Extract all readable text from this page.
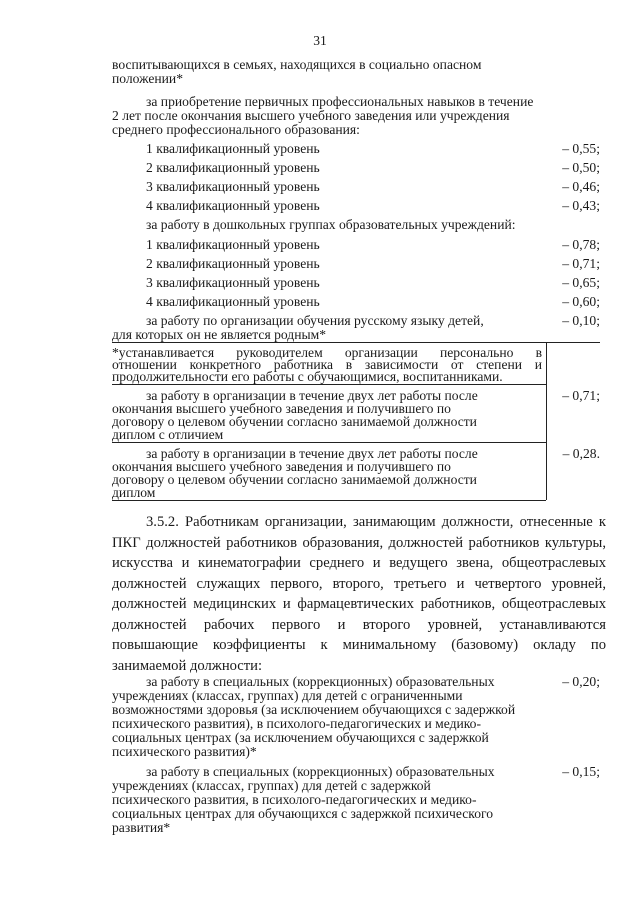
31
воспитывающихся в семьях, находящихся в социально опасном
положении*
за приобретение первичных профессиональных навыков в течение
2 лет после окончания высшего учебного заведения или учреждения
среднего профессионального образования:
1 квалификационный уровень	– 0,55;
2 квалификационный уровень	– 0,50;
3 квалификационный уровень	– 0,46;
4 квалификационный уровень	– 0,43;
за работу в дошкольных группах образовательных учреждений:
1 квалификационный уровень	– 0,78;
2 квалификационный уровень	– 0,71;
3 квалификационный уровень	– 0,65;
4 квалификационный уровень	– 0,60;
за работу по организации обучения русскому языку детей,
для которых он не является родным*
– 0,10;
*устанавливается руководителем организации персонально в
отношении конкретного работника в зависимости от степени и
продолжительности его работы с обучающимися, воспитанниками.
за работу в организации в течение двух лет работы после
окончания высшего учебного заведения и получившего по
договору о целевом обучении согласно занимаемой должности
диплом с отличием
– 0,71;
за работу в организации в течение двух лет работы после
окончания высшего учебного заведения и получившего по
договору о целевом обучении согласно занимаемой должности
диплом
– 0,28.
3.5.2. Работникам организации, занимающим должности, отнесенные к ПКГ должностей работников образования, должностей работников культуры, искусства и кинематографии среднего и ведущего звена, общеотраслевых должностей служащих первого, второго, третьего и четвертого уровней, должностей медицинских и фармацевтических работников, общеотраслевых должностей рабочих первого и второго уровней, устанавливаются повышающие коэффициенты к минимальному (базовому) окладу по занимаемой должности:
за работу в специальных (коррекционных) образовательных
учреждениях (классах, группах) для детей с ограниченными
возможностями здоровья (за исключением обучающихся с задержкой
психического развития), в психолого-педагогических и медико-
социальных центрах (за исключением обучающихся с задержкой
психического развития)*
– 0,20;
за работу в специальных (коррекционных) образовательных
учреждениях (классах, группах) для детей с задержкой
психического развития, в психолого-педагогических и медико-
социальных центрах для обучающихся с задержкой психического
развития*
– 0,15;
